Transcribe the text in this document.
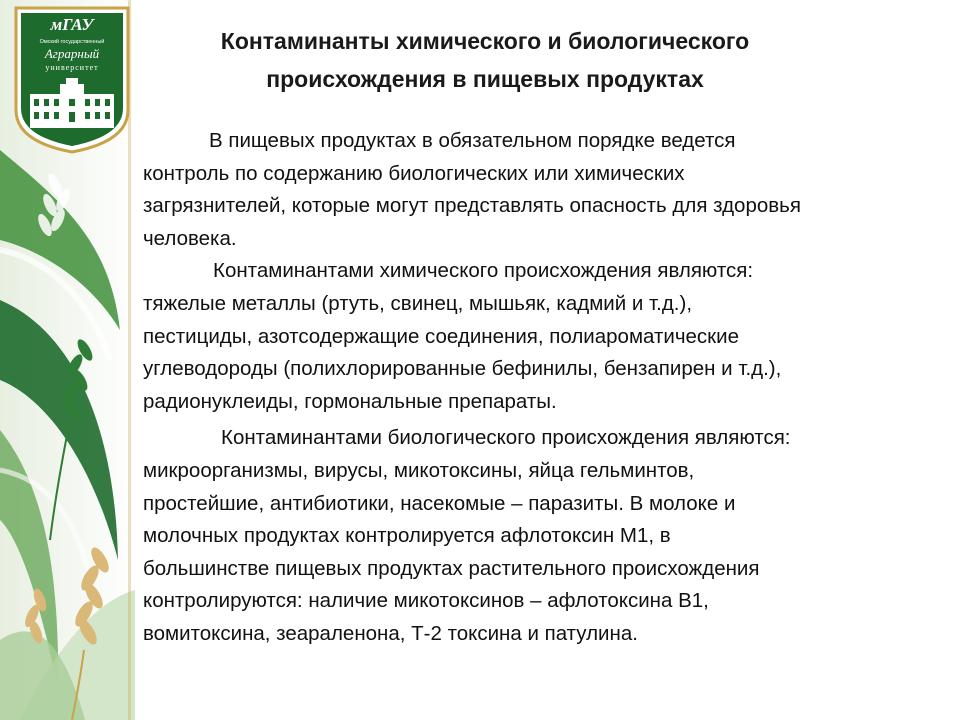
мГАУ
Омский государственный
Аграрный
университет
Контаминанты химического и биологического
происхождения в пищевых продуктах
В пищевых продуктах в обязательном порядке ведется
контроль по содержанию биологических или химических
загрязнителей, которые могут представлять опасность для здоровья
человека.
Контаминантами химического происхождения являются:
тяжелые металлы (ртуть, свинец, мышьяк, кадмий и т.д.),
пестициды, азотсодержащие соединения, полиароматические
углеводороды (полихлорированные бефинилы, бензапирен и т.д.),
радионуклеиды, гормональные препараты.
Контаминантами биологического происхождения являются:
микроорганизмы, вирусы, микотоксины, яйца гельминтов,
простейшие, антибиотики, насекомые – паразиты. В молоке и
молочных продуктах контролируется афлотоксин М1, в
большинстве пищевых продуктах растительного происхождения
контролируются: наличие микотоксинов – афлотоксина В1,
вомитоксина, зеараленона, Т-2 токсина и патулина.
